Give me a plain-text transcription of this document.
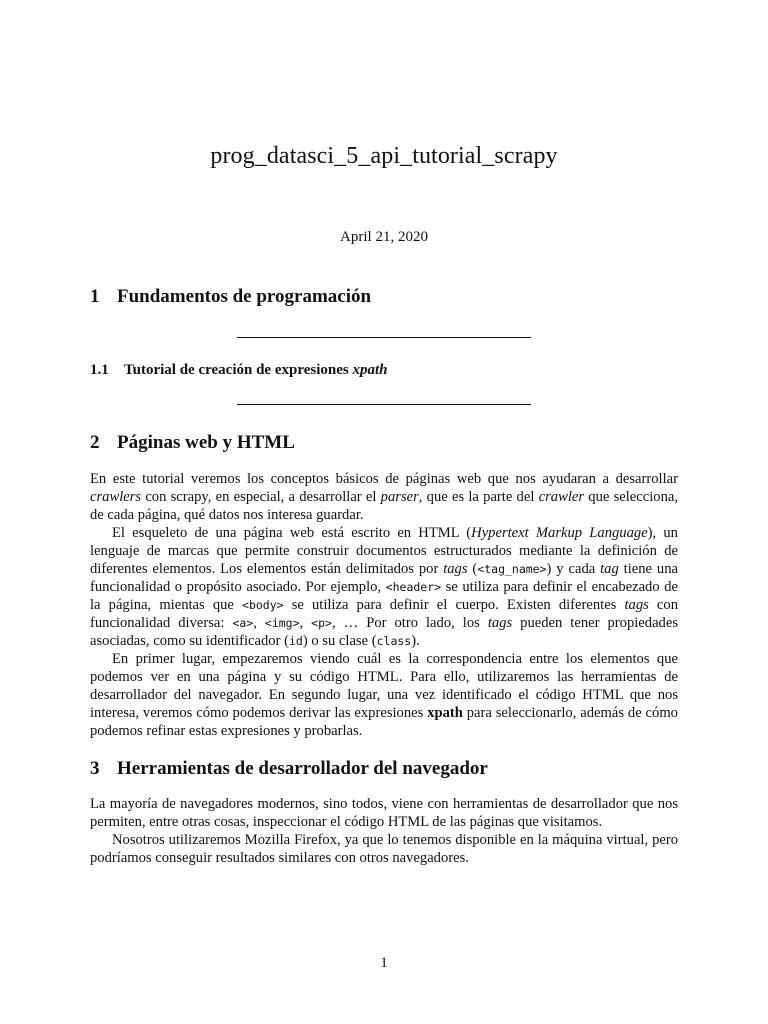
prog_datasci_5_api_tutorial_scrapy
April 21, 2020
1 Fundamentos de programación
1.1 Tutorial de creación de expresiones xpath
2 Páginas web y HTML

En este tutorial veremos los conceptos básicos de páginas web que nos ayudaran a desarrollar crawlers con scrapy, en especial, a desarrollar el parser, que es la parte del crawler que selecciona, de cada página, qué datos nos interesa guardar.

El esqueleto de una página web está escrito en HTML (Hypertext Markup Language), un lenguaje de marcas que permite construir documentos estructurados mediante la definición de diferentes elementos. Los elementos están delimitados por tags (<tag_name>) y cada tag tiene una funcionalidad o propósito asociado. Por ejemplo, <header> se utiliza para definir el encabezado de la página, mientas que <body> se utiliza para definir el cuerpo. Existen diferentes tags con funcionalidad diversa: <a>, <img>, <p>, … Por otro lado, los tags pueden tener propiedades asociadas, como su identificador (id) o su clase (class).

En primer lugar, empezaremos viendo cuál es la correspondencia entre los elementos que podemos ver en una página y su código HTML. Para ello, utilizaremos las herramientas de desarrollador del navegador. En segundo lugar, una vez identificado el código HTML que nos interesa, veremos cómo podemos derivar las expresiones xpath para seleccionarlo, además de cómo podemos refinar estas expresiones y probarlas.

3 Herramientas de desarrollador del navegador

La mayoría de navegadores modernos, sino todos, viene con herramientas de desarrollador que nos permiten, entre otras cosas, inspeccionar el código HTML de las páginas que visitamos.

Nosotros utilizaremos Mozilla Firefox, ya que lo tenemos disponible en la máquina virtual, pero podríamos conseguir resultados similares con otros navegadores.

1
